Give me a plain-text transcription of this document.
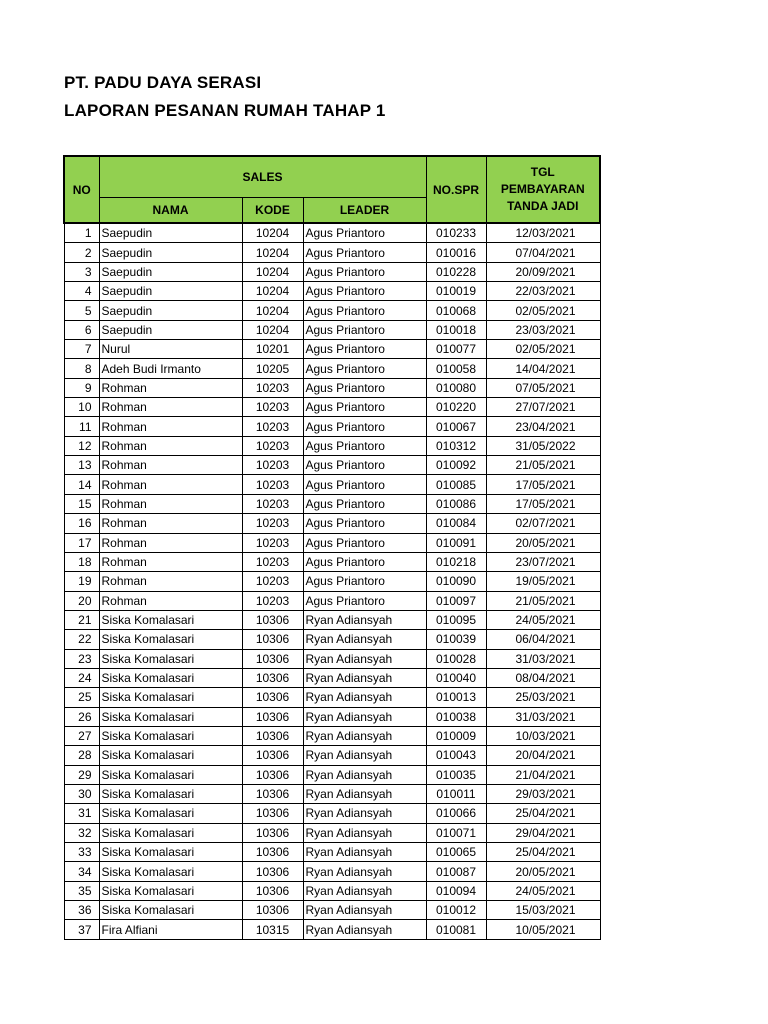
PT. PADU DAYA SERASI
LAPORAN PESANAN RUMAH TAHAP 1
NO	SALES			NO.SPR	TGL PEMBAYARAN TANDA JADI
	NAMA	KODE	LEADER		
1	Saepudin	10204	Agus Priantoro	010233	12/03/2021
2	Saepudin	10204	Agus Priantoro	010016	07/04/2021
3	Saepudin	10204	Agus Priantoro	010228	20/09/2021
4	Saepudin	10204	Agus Priantoro	010019	22/03/2021
5	Saepudin	10204	Agus Priantoro	010068	02/05/2021
6	Saepudin	10204	Agus Priantoro	010018	23/03/2021
7	Nurul	10201	Agus Priantoro	010077	02/05/2021
8	Adeh Budi Irmanto	10205	Agus Priantoro	010058	14/04/2021
9	Rohman	10203	Agus Priantoro	010080	07/05/2021
10	Rohman	10203	Agus Priantoro	010220	27/07/2021
11	Rohman	10203	Agus Priantoro	010067	23/04/2021
12	Rohman	10203	Agus Priantoro	010312	31/05/2022
13	Rohman	10203	Agus Priantoro	010092	21/05/2021
14	Rohman	10203	Agus Priantoro	010085	17/05/2021
15	Rohman	10203	Agus Priantoro	010086	17/05/2021
16	Rohman	10203	Agus Priantoro	010084	02/07/2021
17	Rohman	10203	Agus Priantoro	010091	20/05/2021
18	Rohman	10203	Agus Priantoro	010218	23/07/2021
19	Rohman	10203	Agus Priantoro	010090	19/05/2021
20	Rohman	10203	Agus Priantoro	010097	21/05/2021
21	Siska Komalasari	10306	Ryan Adiansyah	010095	24/05/2021
22	Siska Komalasari	10306	Ryan Adiansyah	010039	06/04/2021
23	Siska Komalasari	10306	Ryan Adiansyah	010028	31/03/2021
24	Siska Komalasari	10306	Ryan Adiansyah	010040	08/04/2021
25	Siska Komalasari	10306	Ryan Adiansyah	010013	25/03/2021
26	Siska Komalasari	10306	Ryan Adiansyah	010038	31/03/2021
27	Siska Komalasari	10306	Ryan Adiansyah	010009	10/03/2021
28	Siska Komalasari	10306	Ryan Adiansyah	010043	20/04/2021
29	Siska Komalasari	10306	Ryan Adiansyah	010035	21/04/2021
30	Siska Komalasari	10306	Ryan Adiansyah	010011	29/03/2021
31	Siska Komalasari	10306	Ryan Adiansyah	010066	25/04/2021
32	Siska Komalasari	10306	Ryan Adiansyah	010071	29/04/2021
33	Siska Komalasari	10306	Ryan Adiansyah	010065	25/04/2021
34	Siska Komalasari	10306	Ryan Adiansyah	010087	20/05/2021
35	Siska Komalasari	10306	Ryan Adiansyah	010094	24/05/2021
36	Siska Komalasari	10306	Ryan Adiansyah	010012	15/03/2021
37	Fira Alfiani	10315	Ryan Adiansyah	010081	10/05/2021
